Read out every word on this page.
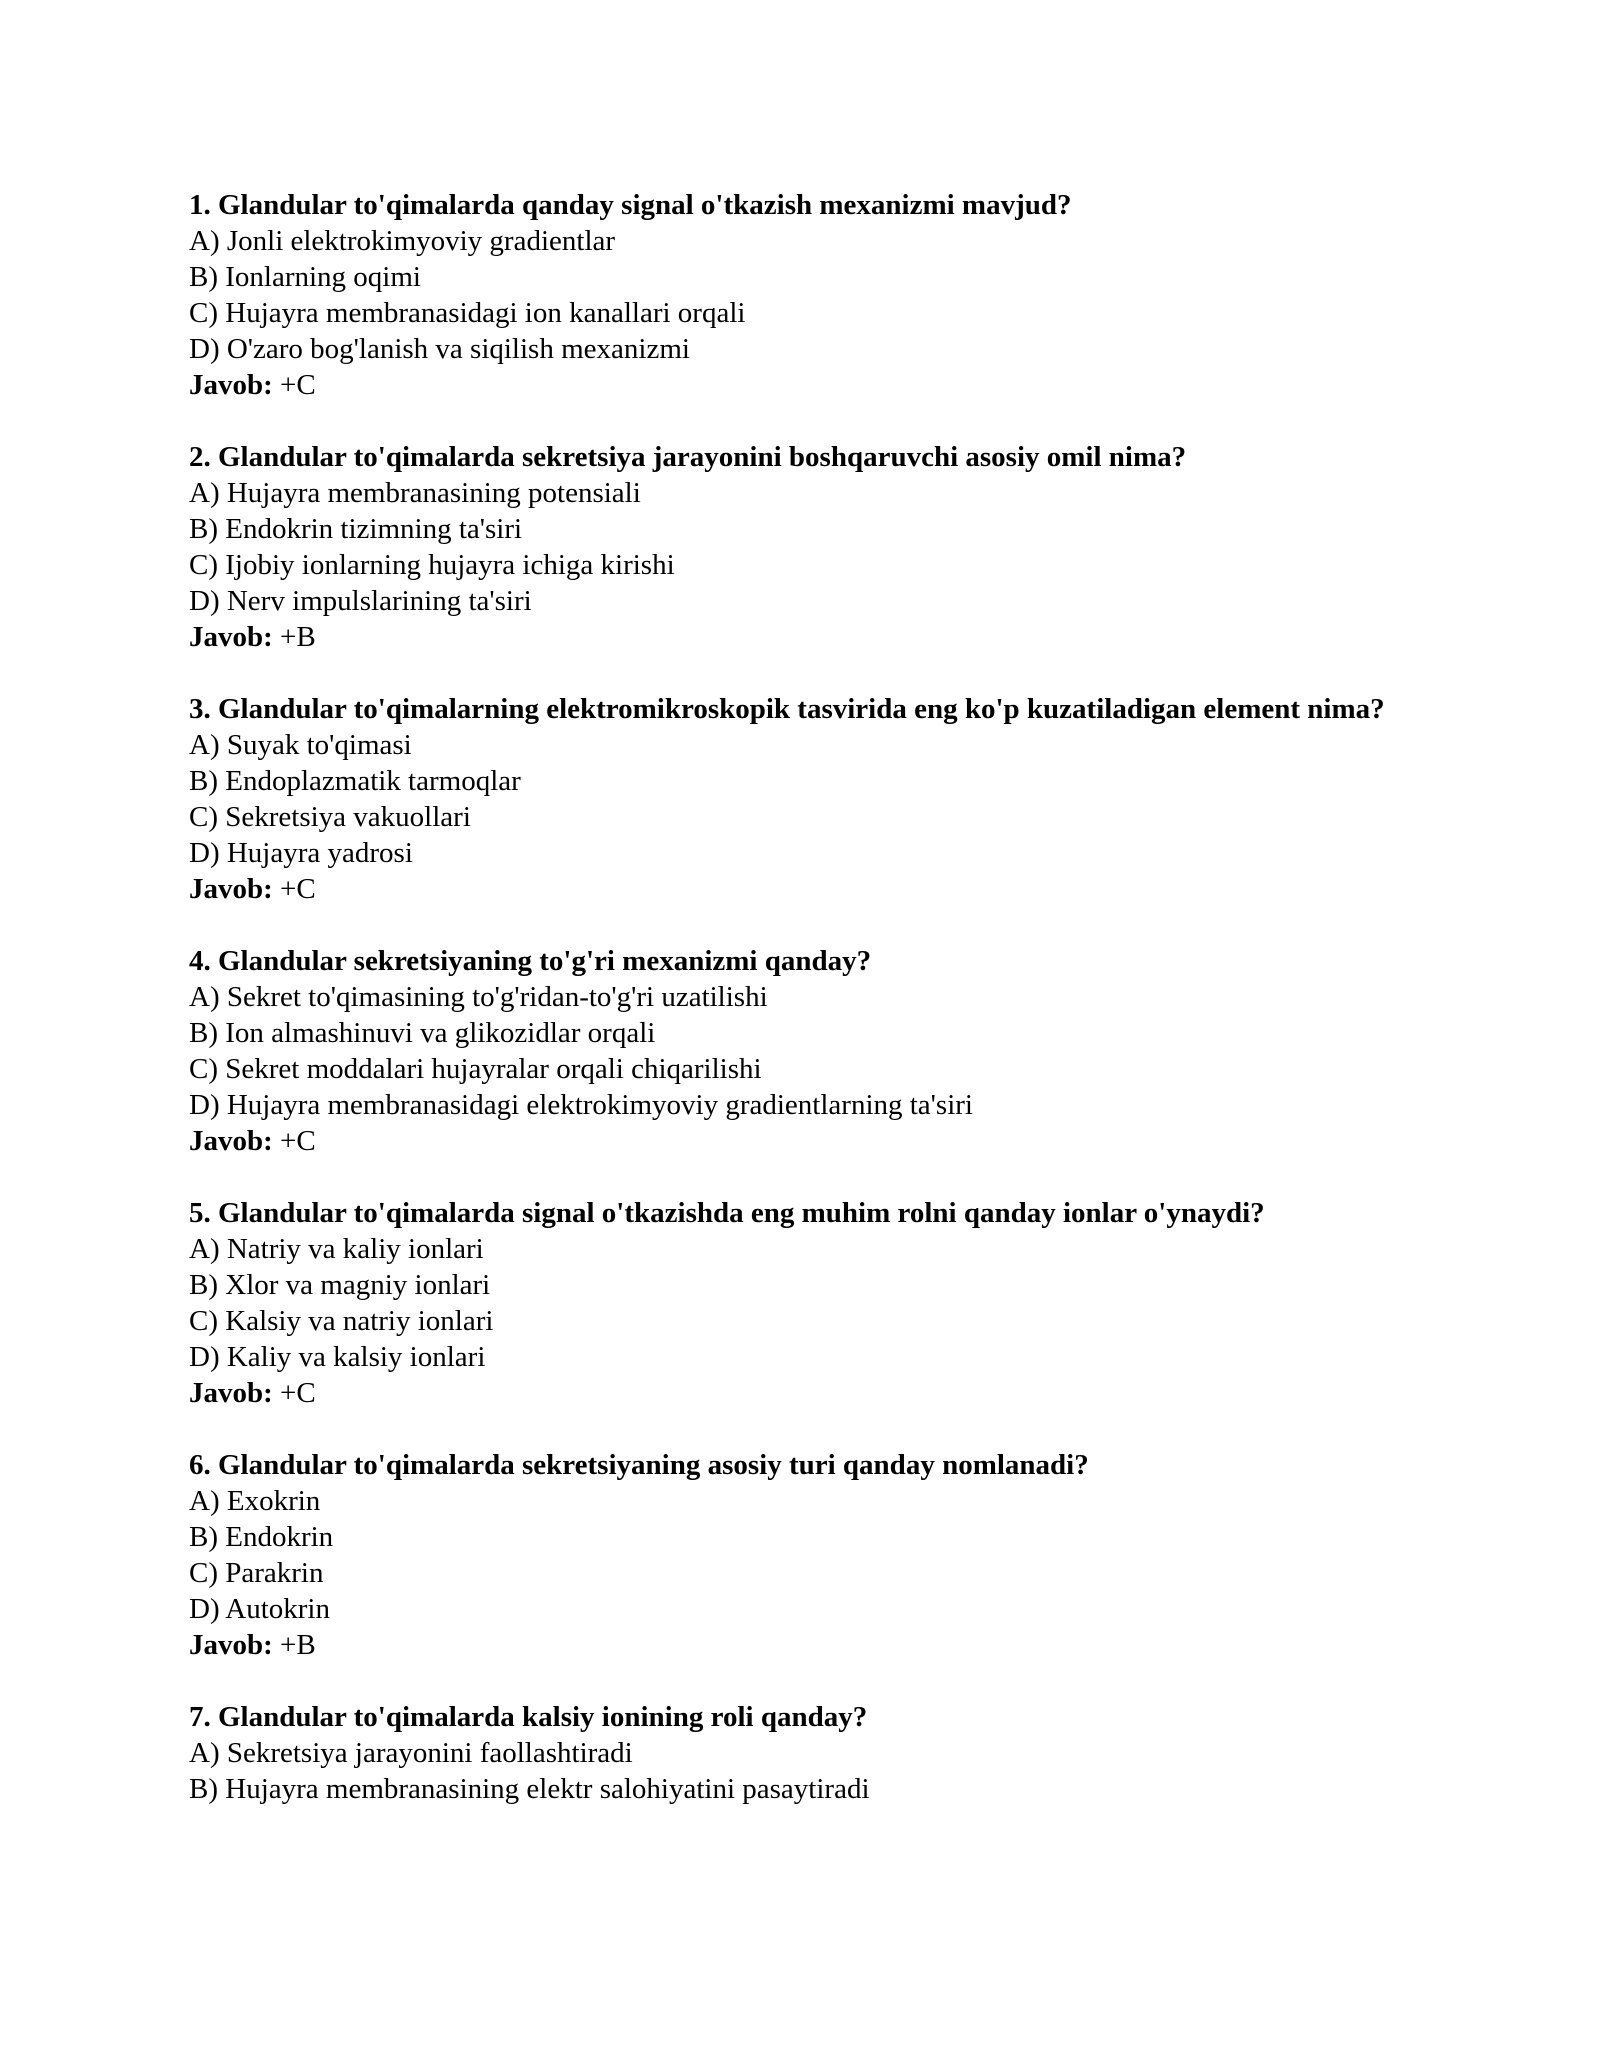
1. Glandular to'qimalarda qanday signal o'tkazish mexanizmi mavjud?

A) Jonli elektrokimyoviy gradientlar

B) Ionlarning oqimi

C) Hujayra membranasidagi ion kanallari orqali

D) O'zaro bog'lanish va siqilish mexanizmi

Javob: +C

2. Glandular to'qimalarda sekretsiya jarayonini boshqaruvchi asosiy omil nima?

A) Hujayra membranasining potensiali

B) Endokrin tizimning ta'siri

C) Ijobiy ionlarning hujayra ichiga kirishi

D) Nerv impulslarining ta'siri

Javob: +B

3. Glandular to'qimalarning elektromikroskopik tasvirida eng ko'p kuzatiladigan element nima?

A) Suyak to'qimasi

B) Endoplazmatik tarmoqlar

C) Sekretsiya vakuollari

D) Hujayra yadrosi

Javob: +C

4. Glandular sekretsiyaning to'g'ri mexanizmi qanday?

A) Sekret to'qimasining to'g'ridan-to'g'ri uzatilishi

B) Ion almashinuvi va glikozidlar orqali

C) Sekret moddalari hujayralar orqali chiqarilishi

D) Hujayra membranasidagi elektrokimyoviy gradientlarning ta'siri

Javob: +C

5. Glandular to'qimalarda signal o'tkazishda eng muhim rolni qanday ionlar o'ynaydi?

A) Natriy va kaliy ionlari

B) Xlor va magniy ionlari

C) Kalsiy va natriy ionlari

D) Kaliy va kalsiy ionlari

Javob: +C

6. Glandular to'qimalarda sekretsiyaning asosiy turi qanday nomlanadi?

A) Exokrin

B) Endokrin

C) Parakrin

D) Autokrin

Javob: +B

7. Glandular to'qimalarda kalsiy ionining roli qanday?

A) Sekretsiya jarayonini faollashtiradi

B) Hujayra membranasining elektr salohiyatini pasaytiradi
